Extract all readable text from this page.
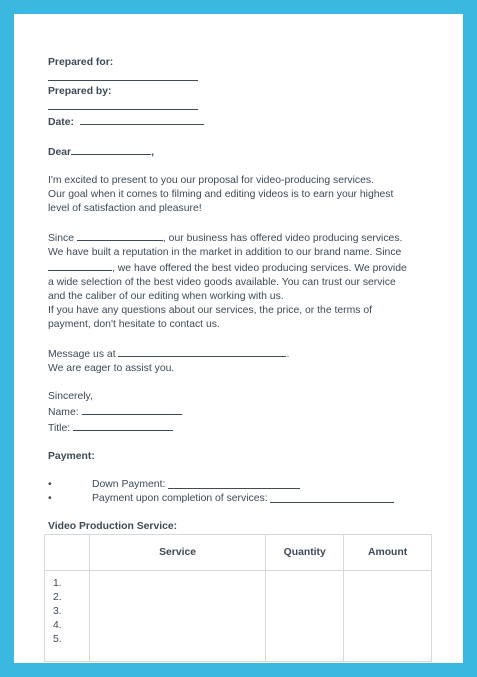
Prepared for:
Prepared by:
Date:
Dear	,
I'm excited to present to you our proposal for video-producing services.
Our goal when it comes to filming and editing videos is to earn your highest
level of satisfaction and pleasure!
Since	, our business has offered video producing services.
We have built a reputation in the market in addition to our brand name. Since
, we have offered the best video producing services. We provide
a wide selection of the best video goods available. You can trust our service
and the caliber of our editing when working with us.
If you have any questions about our services, the price, or the terms of
payment, don't hesitate to contact us.
Message us at	.
We are eager to assist you.
Sincerely,
Name:
Title:
Payment:
•	Down Payment:

•	Payment upon completion of services:

Video Production Service:
	Service	Quantity	Amount

1.
2.
3.
4.
5.			
